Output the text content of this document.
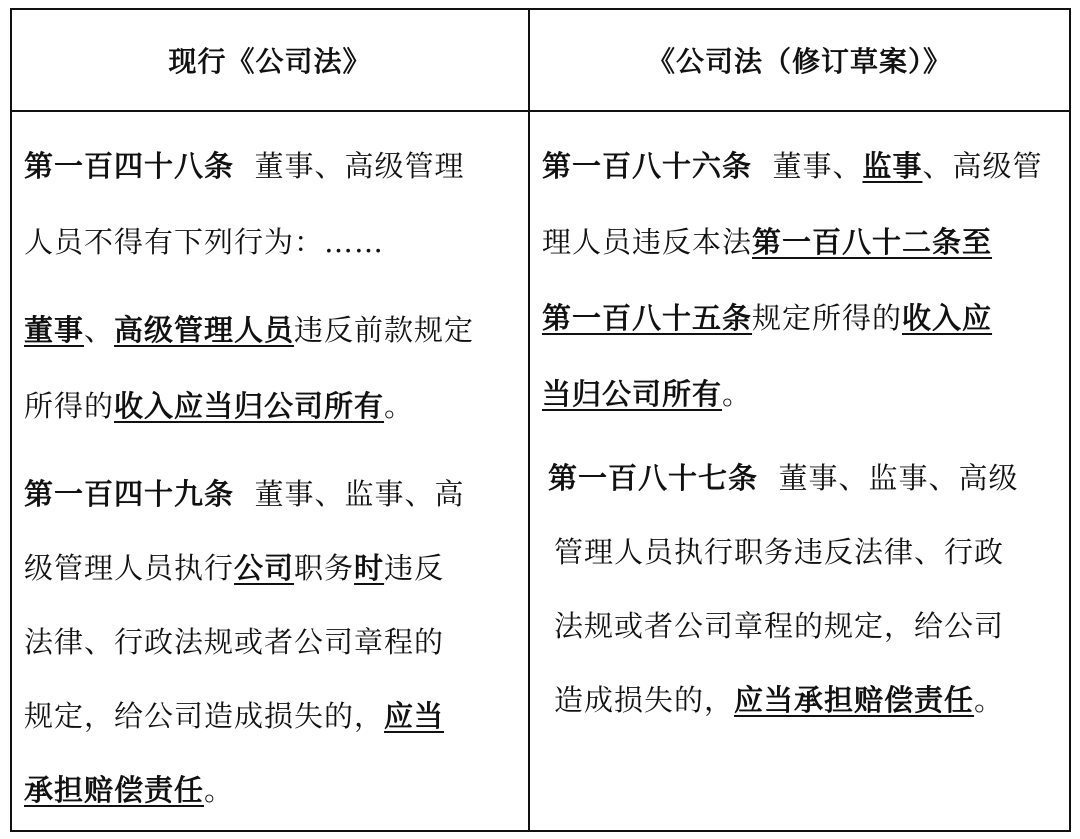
现行《公司法》	《公司法（修订草案）》
第一百四十八条  董事、高级管理
人员不得有下列行为：……
董事、高级管理人员违反前款规定
所得的收入应当归公司所有。
第一百四十九条  董事、监事、高
级管理人员执行公司职务时违反
法律、行政法规或者公司章程的
规定，给公司造成损失的，应当
承担赔偿责任。
第一百八十六条  董事、监事、高级管
理人员违反本法第一百八十二条至
第一百八十五条规定所得的收入应
当归公司所有。
第一百八十七条  董事、监事、高级
管理人员执行职务违反法律、行政
法规或者公司章程的规定，给公司
造成损失的，应当承担赔偿责任。
